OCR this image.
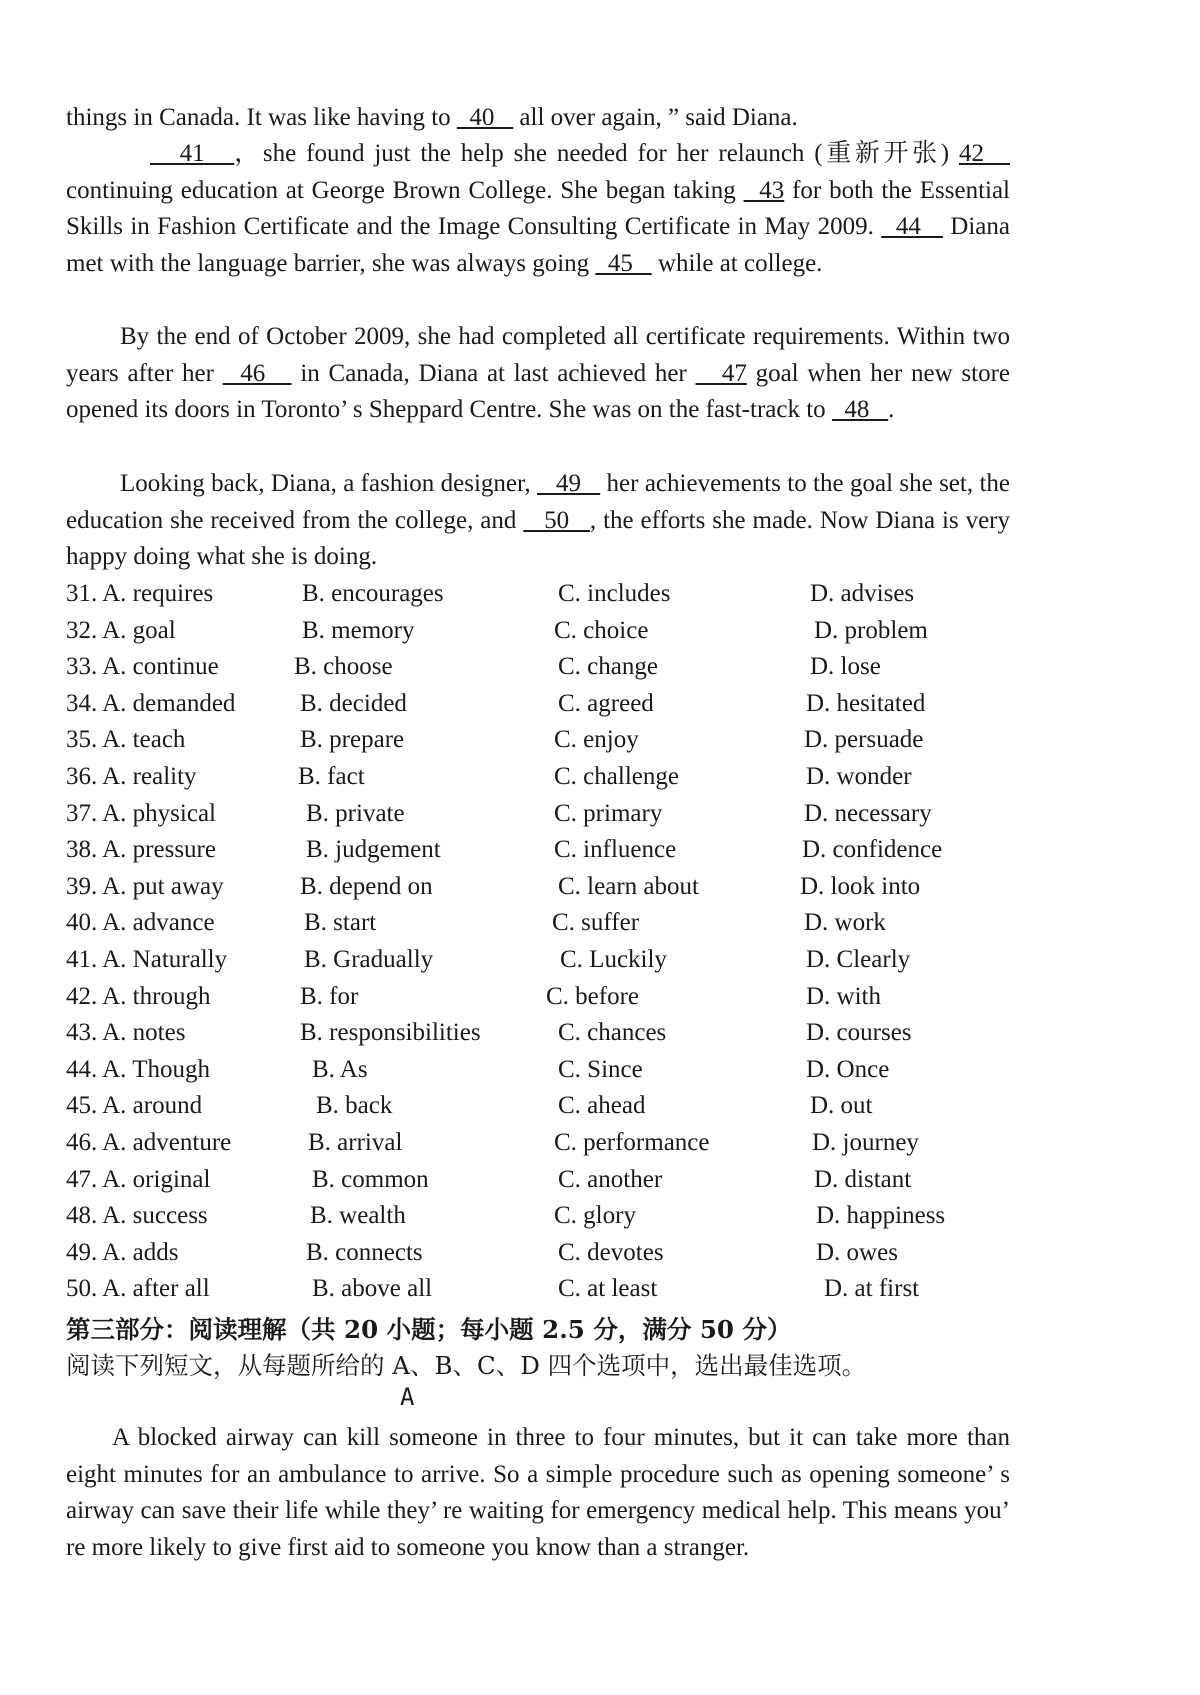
things in Canada. It was like having to   40    all over again, ” said Diana.

41   ，she found just the help she needed for her relaunch (重新开张) 42    continuing education at George Brown College. She began taking   43 for both the Essential Skills in Fashion Certificate and the Image Consulting Certificate in May 2009.   44    Diana met with the language barrier, she was always going   45    while at college.

By the end of October 2009, she had completed all certificate requirements. Within two years after her   46    in Canada, Diana at last achieved her    47 goal when her new store opened its doors in Toronto’ s Sheppard Centre. She was on the fast-track to   48   .

Looking back, Diana, a fashion designer,    49    her achievements to the goal she set, the education she received from the college, and    50   , the efforts she made. Now Diana is very happy doing what she is doing.

31. A. requires	B. encourages	C. includes	D. advises
32. A. goal	B. memory	C. choice	D. problem
33. A. continue	B. choose	C. change	D. lose
34. A. demanded	B. decided	C. agreed	D. hesitated
35. A. teach	B. prepare	C. enjoy	D. persuade
36. A. reality	B. fact	C. challenge	D. wonder
37. A. physical	B. private	C. primary	D. necessary
38. A. pressure	B. judgement	C. influence	D. confidence
39. A. put away	B. depend on	C. learn about	D. look into
40. A. advance	B. start	C. suffer	D. work
41. A. Naturally	B. Gradually	C. Luckily	D. Clearly
42. A. through	B. for	C. before	D. with
43. A. notes	B. responsibilities	C. chances	D. courses
44. A. Though	B. As	C. Since	D. Once
45. A. around	B. back	C. ahead	D. out
46. A. adventure	B. arrival	C. performance	D. journey
47. A. original	B. common	C. another	D. distant
48. A. success	B. wealth	C. glory	D. happiness
49. A. adds	B. connects	C. devotes	D. owes
50. A. after all	B. above all	C. at least	D. at first
第三部分：阅读理解（共 20 小题；每小题 2.5 分，满分 50 分）
阅读下列短文，从每题所给的 A、B、C、D 四个选项中，选出最佳选项。
A

A blocked airway can kill someone in three to four minutes, but it can take more than eight minutes for an ambulance to arrive. So a simple procedure such as opening someone’ s airway can save their life while they’ re waiting for emergency medical help. This means you’ re more likely to give first aid to someone you know than a stranger.
